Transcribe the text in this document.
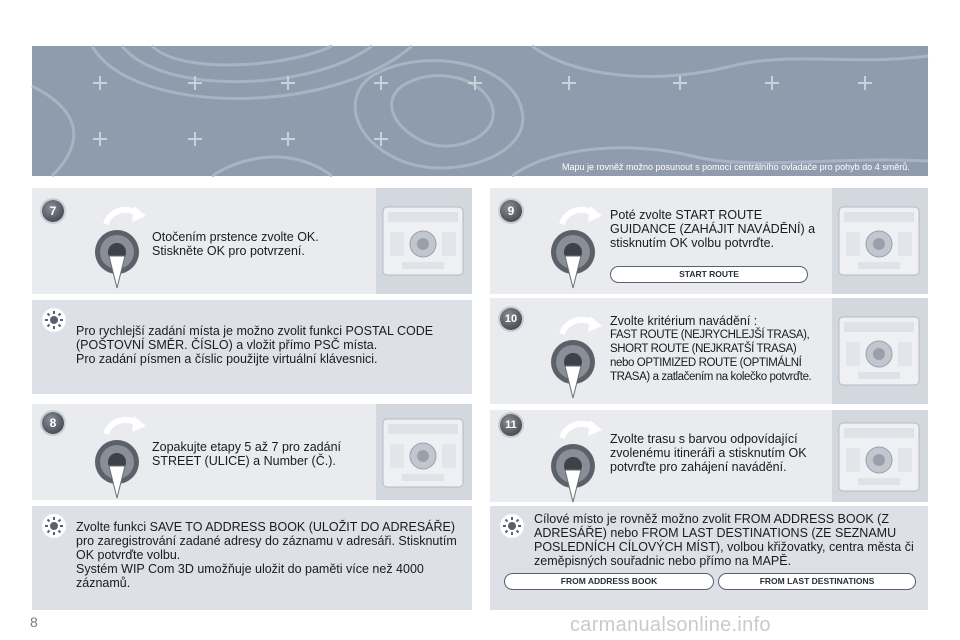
Mapu je rovněž možno posunout s pomocí centrálního ovladače pro pohyb do 4 směrů.
Je možno změnit její orientaci ve zkrácené nabídce FULL SCREEN MAP (MAPA PŘES
7
Otočením prstence zvolte OK.
Stiskněte OK pro potvrzení.
Pro rychlejší zadání místa je možno zvolit funkci POSTAL CODE
(POŠTOVNÍ SMĚR. ČÍSLO) a vložit přímo PSČ místa.
Pro zadání písmen a číslic použijte virtuální klávesnici.
8
Zopakujte etapy 5 až 7 pro zadání
STREET (ULICE) a Number (Č.).
Zvolte funkci SAVE TO ADDRESS BOOK (ULOŽIT DO ADRESÁŘE)
pro zaregistrování zadané adresy do záznamu v adresáři. Stisknutím
OK potvrďte volbu.
Systém WIP Com 3D umožňuje uložit do paměti více než 4000
záznamů.
9	Poté zvolte START ROUTE
GUIDANCE (ZAHÁJIT NAVÁDĚNÍ) a
stisknutím OK volbu potvrďte.
START ROUTE
10	Zvolte kritérium navádění :
FAST ROUTE (NEJRYCHLEJŠÍ TRASA),
SHORT ROUTE (NEJKRATŠÍ TRASA)
nebo OPTIMIZED ROUTE (OPTIMÁLNÍ
TRASA) a zatlačením na kolečko potvrďte.
11
Zvolte trasu s barvou odpovídající
zvolenému itineráři a stisknutím OK
potvrďte pro zahájení navádění.
Cílové místo je rovněž možno zvolit FROM ADDRESS BOOK (Z
ADRESÁŘE) nebo FROM LAST DESTINATIONS (ZE SEZNAMU
POSLEDNÍCH CÍLOVÝCH MÍST), volbou křižovatky, centra města či
zeměpisných souřadnic nebo přímo na MAPĚ.
FROM ADDRESS BOOK	FROM LAST DESTINATIONS
8	carmanualsonline.info
